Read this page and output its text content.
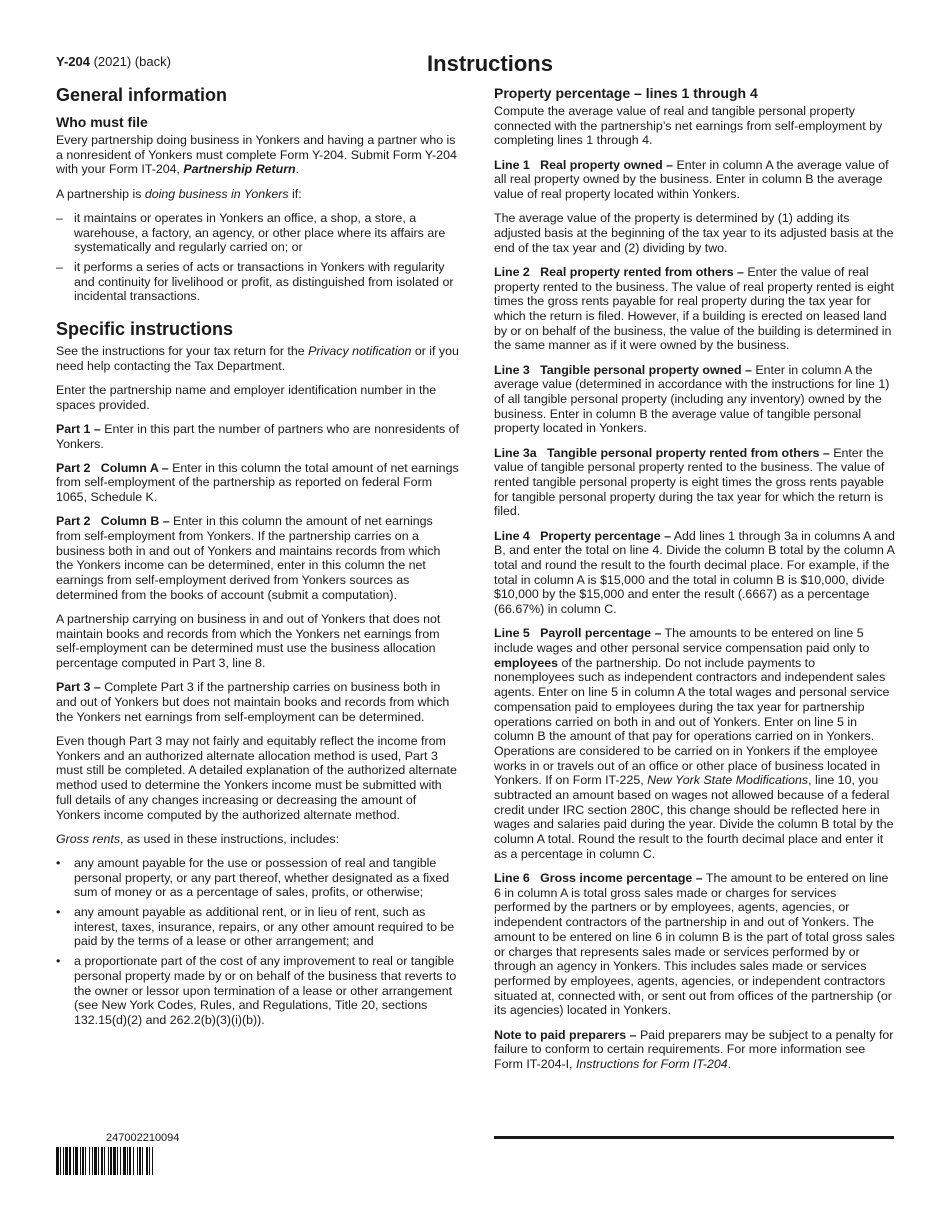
Y-204 (2021) (back)	Instructions
General information
Who must file

Every partnership doing business in Yonkers and having a partner who is a nonresident of Yonkers must complete Form Y-204. Submit Form Y-204 with your Form IT-204, Partnership Return.

A partnership is doing business in Yonkers if:

– it maintains or operates in Yonkers an office, a shop, a store, a warehouse, a factory, an agency, or other place where its affairs are systematically and regularly carried on; or
– it performs a series of acts or transactions in Yonkers with regularity and continuity for livelihood or profit, as distinguished from isolated or incidental transactions.
Specific instructions

See the instructions for your tax return for the Privacy notification or if you need help contacting the Tax Department.

Enter the partnership name and employer identification number in the spaces provided.

Part 1 – Enter in this part the number of partners who are nonresidents of Yonkers.

Part 2   Column A – Enter in this column the total amount of net earnings from self-employment of the partnership as reported on federal Form 1065, Schedule K.

Part 2   Column B – Enter in this column the amount of net earnings from self-employment from Yonkers. If the partnership carries on a business both in and out of Yonkers and maintains records from which the Yonkers income can be determined, enter in this column the net earnings from self-employment derived from Yonkers sources as determined from the books of account (submit a computation).

A partnership carrying on business in and out of Yonkers that does not maintain books and records from which the Yonkers net earnings from self-employment can be determined must use the business allocation percentage computed in Part 3, line 8.

Part 3 – Complete Part 3 if the partnership carries on business both in and out of Yonkers but does not maintain books and records from which the Yonkers net earnings from self-employment can be determined.

Even though Part 3 may not fairly and equitably reflect the income from Yonkers and an authorized alternate allocation method is used, Part 3 must still be completed. A detailed explanation of the authorized alternate method used to determine the Yonkers income must be submitted with full details of any changes increasing or decreasing the amount of Yonkers income computed by the authorized alternate method.

Gross rents, as used in these instructions, includes:

• any amount payable for the use or possession of real and tangible personal property, or any part thereof, whether designated as a fixed sum of money or as a percentage of sales, profits, or otherwise;
• any amount payable as additional rent, or in lieu of rent, such as interest, taxes, insurance, repairs, or any other amount required to be paid by the terms of a lease or other arrangement; and
• a proportionate part of the cost of any improvement to real or tangible personal property made by or on behalf of the business that reverts to the owner or lessor upon termination of a lease or other arrangement (see New York Codes, Rules, and Regulations, Title 20, sections 132.15(d)(2) and 262.2(b)(3)(i)(b)).
Property percentage – lines 1 through 4

Compute the average value of real and tangible personal property connected with the partnership’s net earnings from self-employment by completing lines 1 through 4.

Line 1   Real property owned – Enter in column A the average value of all real property owned by the business. Enter in column B the average value of real property located within Yonkers.

The average value of the property is determined by (1) adding its adjusted basis at the beginning of the tax year to its adjusted basis at the end of the tax year and (2) dividing by two.

Line 2   Real property rented from others – Enter the value of real property rented to the business. The value of real property rented is eight times the gross rents payable for real property during the tax year for which the return is filed. However, if a building is erected on leased land by or on behalf of the business, the value of the building is determined in the same manner as if it were owned by the business.

Line 3   Tangible personal property owned – Enter in column A the average value (determined in accordance with the instructions for line 1) of all tangible personal property (including any inventory) owned by the business. Enter in column B the average value of tangible personal property located in Yonkers.

Line 3a   Tangible personal property rented from others – Enter the value of tangible personal property rented to the business. The value of rented tangible personal property is eight times the gross rents payable for tangible personal property during the tax year for which the return is filed.

Line 4   Property percentage – Add lines 1 through 3a in columns A and B, and enter the total on line 4. Divide the column B total by the column A total and round the result to the fourth decimal place. For example, if the total in column A is $15,000 and the total in column B is $10,000, divide $10,000 by the $15,000 and enter the result (.6667) as a percentage (66.67%) in column C.

Line 5   Payroll percentage – The amounts to be entered on line 5 include wages and other personal service compensation paid only to employees of the partnership. Do not include payments to nonemployees such as independent contractors and independent sales agents. Enter on line 5 in column A the total wages and personal service compensation paid to employees during the tax year for partnership operations carried on both in and out of Yonkers. Enter on line 5 in column B the amount of that pay for operations carried on in Yonkers. Operations are considered to be carried on in Yonkers if the employee works in or travels out of an office or other place of business located in Yonkers. If on Form IT-225, New York State Modifications, line 10, you subtracted an amount based on wages not allowed because of a federal credit under IRC section 280C, this change should be reflected here in wages and salaries paid during the year. Divide the column B total by the column A total. Round the result to the fourth decimal place and enter it as a percentage in column C.

Line 6   Gross income percentage – The amount to be entered on line 6 in column A is total gross sales made or charges for services performed by the partners or by employees, agents, agencies, or independent contractors of the partnership in and out of Yonkers. The amount to be entered on line 6 in column B is the part of total gross sales or charges that represents sales made or services performed by or through an agency in Yonkers. This includes sales made or services performed by employees, agents, agencies, or independent contractors situated at, connected with, or sent out from offices of the partnership (or its agencies) located in Yonkers.

Note to paid preparers – Paid preparers may be subject to a penalty for failure to conform to certain requirements. For more information see Form IT-204-I, Instructions for Form IT-204.

247002210094
